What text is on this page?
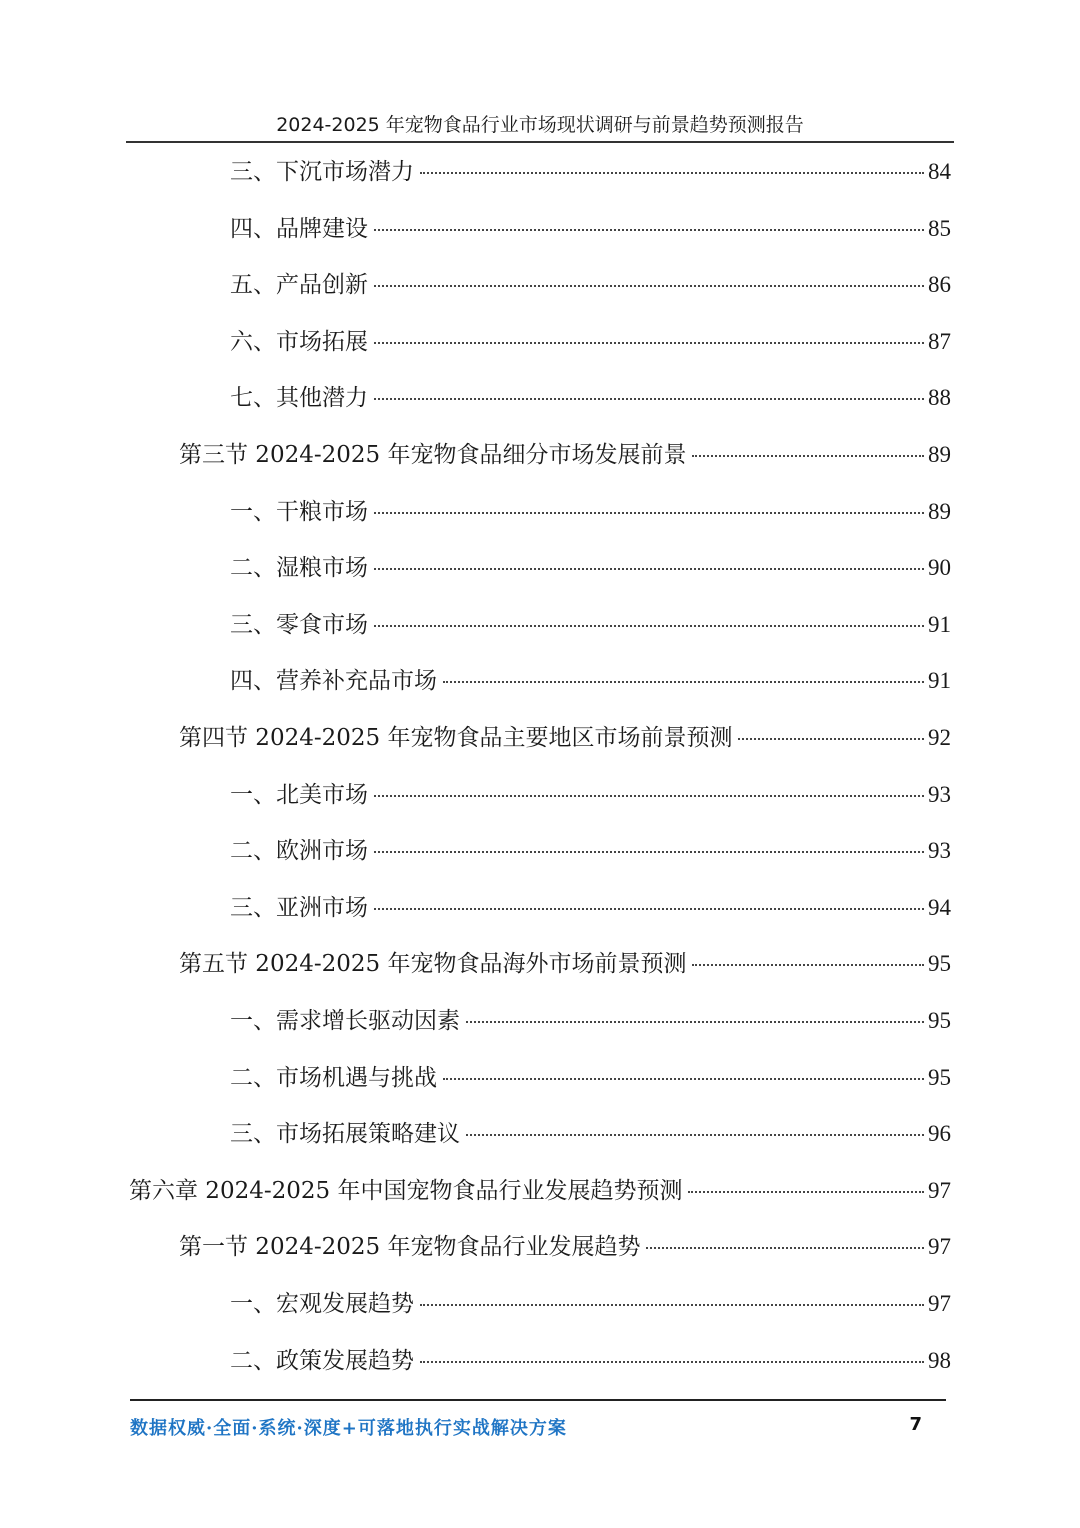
2024-2025 年宠物食品行业市场现状调研与前景趋势预测报告
三、下沉市场潜力	84
四、品牌建设	85
五、产品创新	86
六、市场拓展	87
七、其他潜力	88
第三节 2024-2025 年宠物食品细分市场发展前景	89
一、干粮市场	89
二、湿粮市场	90
三、零食市场	91
四、营养补充品市场	91
第四节 2024-2025 年宠物食品主要地区市场前景预测	92
一、北美市场	93
二、欧洲市场	93
三、亚洲市场	94
第五节 2024-2025 年宠物食品海外市场前景预测	95
一、需求增长驱动因素	95
二、市场机遇与挑战	95
三、市场拓展策略建议	96
第六章 2024-2025 年中国宠物食品行业发展趋势预测	97
第一节 2024-2025 年宠物食品行业发展趋势	97
一、宏观发展趋势	97
二、政策发展趋势	98
数据权威·全面·系统·深度+可落地执行实战解决方案	7
